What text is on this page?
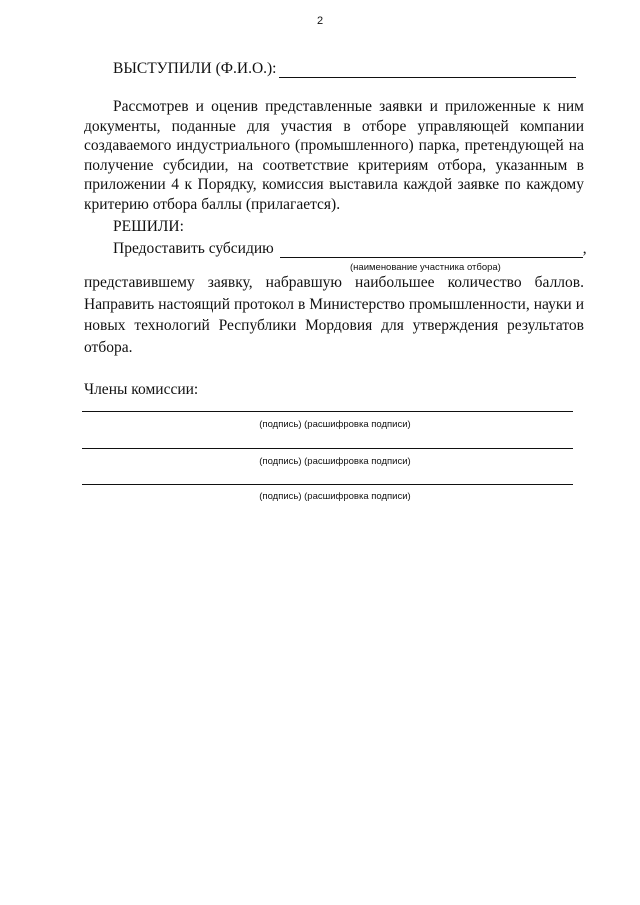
2
ВЫСТУПИЛИ (Ф.И.О.):

Рассмотрев и оценив представленные заявки и приложенные к ним документы, поданные для участия в отборе управляющей компании создаваемого индустриального (промышленного) парка, претендующей на получение субсидии, на соответствие критериям отбора, указанным в приложении 4 к Порядку, комиссия выставила каждой заявке по каждому критерию отбора баллы (прилагается).

РЕШИЛИ:
Предоставить субсидию	,
(наименование участника отбора)

представившему заявку, набравшую наибольшее количество баллов. Направить настоящий протокол в Министерство промышленности, науки и новых технологий Республики Мордовия для утверждения результатов отбора.

Члены комиссии:
(подпись) (расшифровка подписи)
(подпись) (расшифровка подписи)
(подпись) (расшифровка подписи)
